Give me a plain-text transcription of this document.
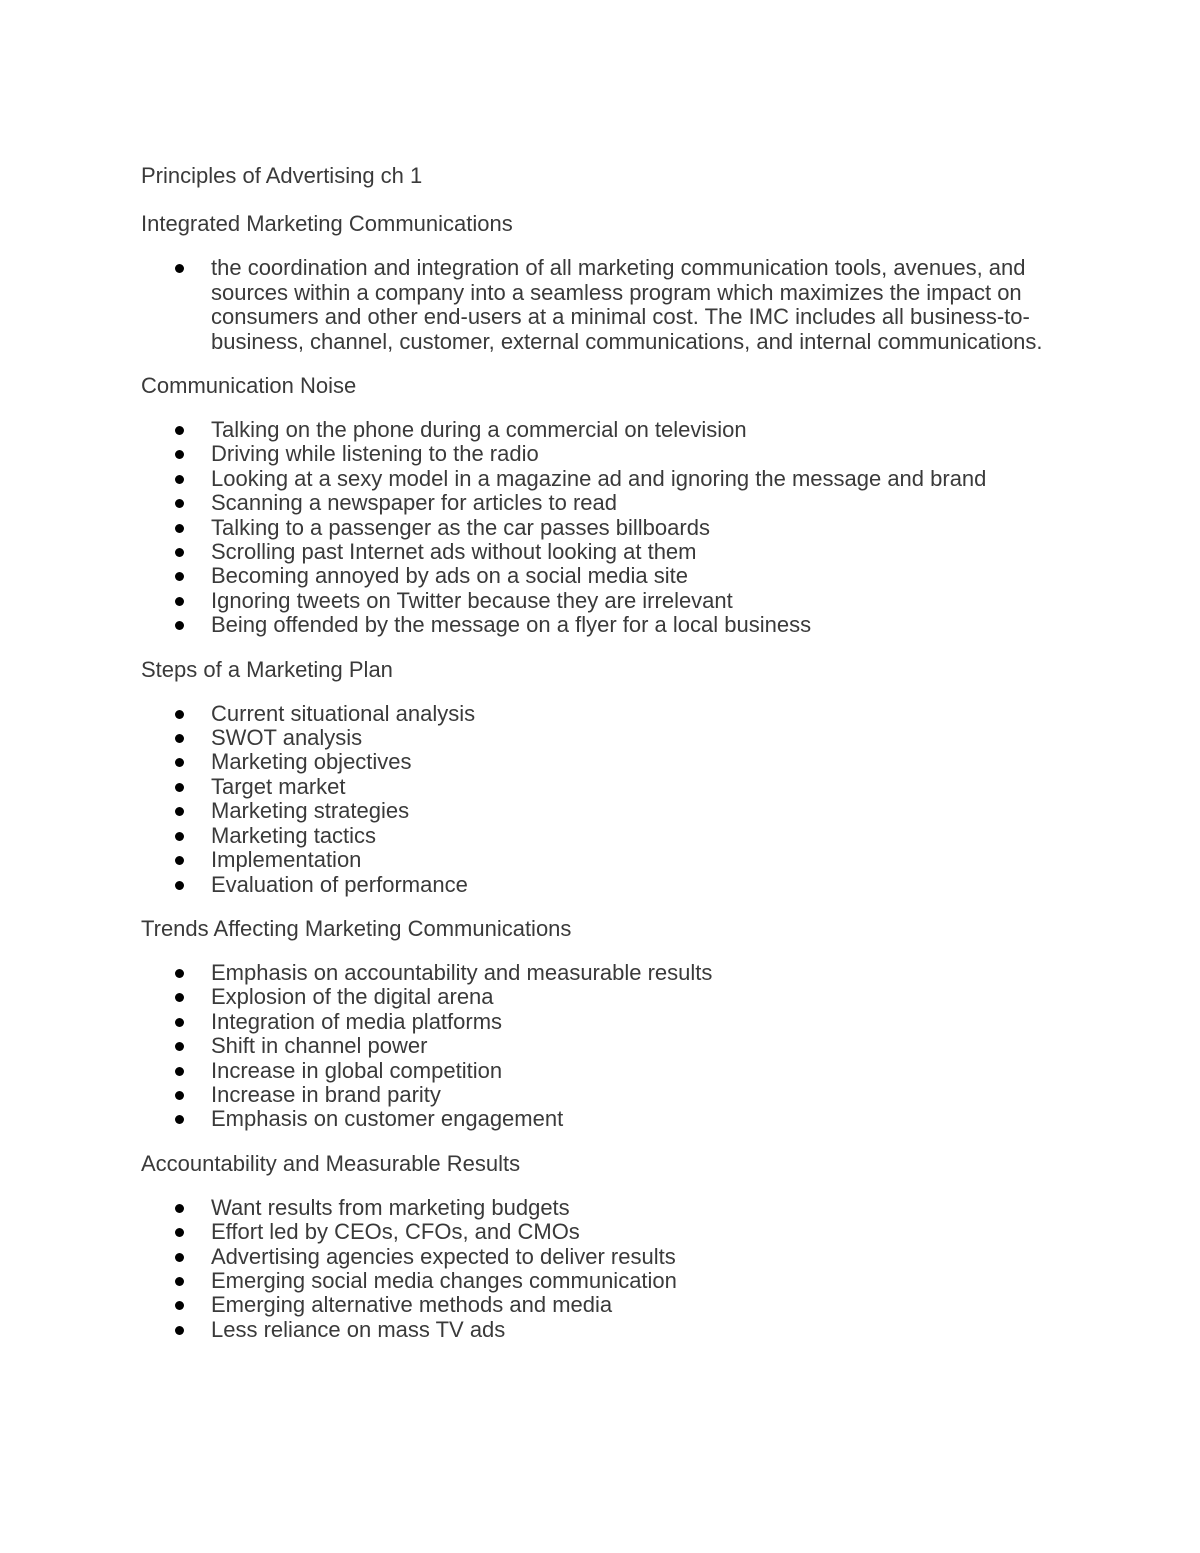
Principles of Advertising ch 1
Integrated Marketing Communications
the coordination and integration of all marketing communication tools, avenues, and sources within a company into a seamless program which maximizes the impact on consumers and other end-users at a minimal cost. The IMC includes all business-to-business, channel, customer, external communications, and internal communications.
Communication Noise
Talking on the phone during a commercial on television
Driving while listening to the radio
Looking at a sexy model in a magazine ad and ignoring the message and brand
Scanning a newspaper for articles to read
Talking to a passenger as the car passes billboards
Scrolling past Internet ads without looking at them
Becoming annoyed by ads on a social media site
Ignoring tweets on Twitter because they are irrelevant
Being offended by the message on a flyer for a local business
Steps of a Marketing Plan
Current situational analysis
SWOT analysis
Marketing objectives
Target market
Marketing strategies
Marketing tactics
Implementation
Evaluation of performance
Trends Affecting Marketing Communications
Emphasis on accountability and measurable results
Explosion of the digital arena
Integration of media platforms
Shift in channel power
Increase in global competition
Increase in brand parity
Emphasis on customer engagement
Accountability and Measurable Results
Want results from marketing budgets
Effort led by CEOs, CFOs, and CMOs
Advertising agencies expected to deliver results
Emerging social media changes communication
Emerging alternative methods and media
Less reliance on mass TV ads
